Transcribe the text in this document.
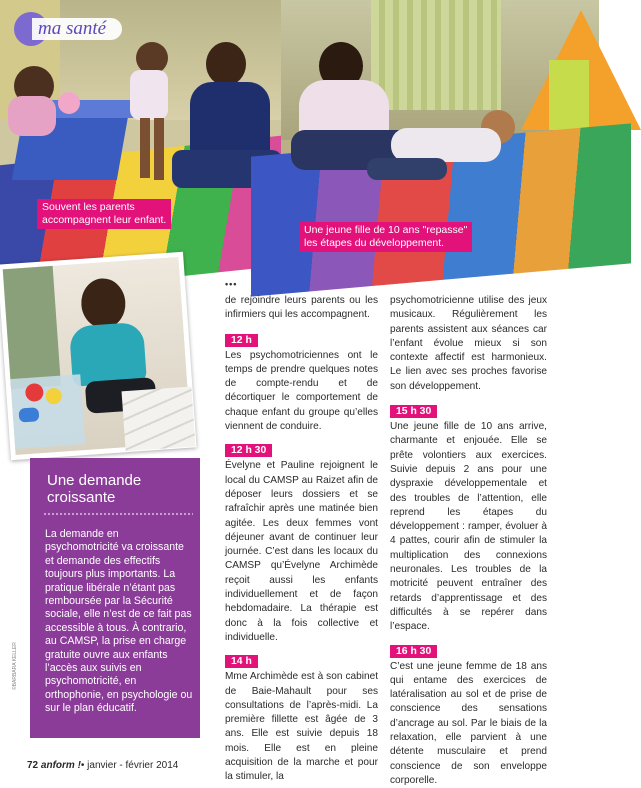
ma santé
Souvent les parents
accompagnent leur enfant.
Une jeune fille de 10 ans "repasse"
les étapes du développement.
Une demande
croissante

La demande en psychomotricité va croissante et demande des effectifs toujours plus importants. La pratique libérale n’étant pas remboursée par la Sécurité sociale, elle n’est de ce fait pas accessible à tous. À contrario, au CAMSP, la prise en charge gratuite ouvre aux enfants l’accès aux suivis en psychomotricité, en orthophonie, en psychologie ou sur le plan éducatif.

©BARBARA KELLER
•••

de rejoindre leurs parents ou les infirmiers qui les accompagnent.

12 h

Les psychomotriciennes ont le temps de prendre quelques notes de compte-rendu et de décortiquer le comportement de chaque enfant du groupe qu’elles viennent de conduire.

12 h 30

Évelyne et Pauline rejoignent le local du CAMSP au Raizet afin de déposer leurs dossiers et se rafraîchir après une matinée bien agitée. Les deux femmes vont déjeuner avant de continuer leur journée. C’est dans les locaux du CAMSP qu’Évelyne Archimède reçoit aussi les enfants individuellement et de façon hebdomadaire. La thérapie est donc à la fois collective et individuelle.

14 h

Mme Archimède est à son cabinet de Baie-Mahault pour ses consultations de l’après-midi. La première fillette est âgée de 3 ans. Elle est suivie depuis 18 mois. Elle est en pleine acquisition de la marche et pour la stimuler, la

psychomotricienne utilise des jeux musicaux. Régulièrement les parents assistent aux séances car l’enfant évolue mieux si son contexte affectif est harmonieux. Le lien avec ses proches favorise son développement.

15 h 30

Une jeune fille de 10 ans arrive, charmante et enjouée. Elle se prête volontiers aux exercices. Suivie depuis 2 ans pour une dyspraxie développementale et des troubles de l’attention, elle reprend les étapes du développement : ramper, évoluer à 4 pattes, courir afin de stimuler la multiplication des connexions neuronales. Les troubles de la motricité peuvent entraîner des retards d’apprentissage et des difficultés à se repérer dans l’espace.

16 h 30

C’est une jeune femme de 18 ans qui entame des exercices de latéralisation au sol et de prise de conscience des sensations d’ancrage au sol. Par le biais de la relaxation, elle parvient à une détente musculaire et prend conscience de son enveloppe corporelle.

72 anform !• janvier - février 2014
